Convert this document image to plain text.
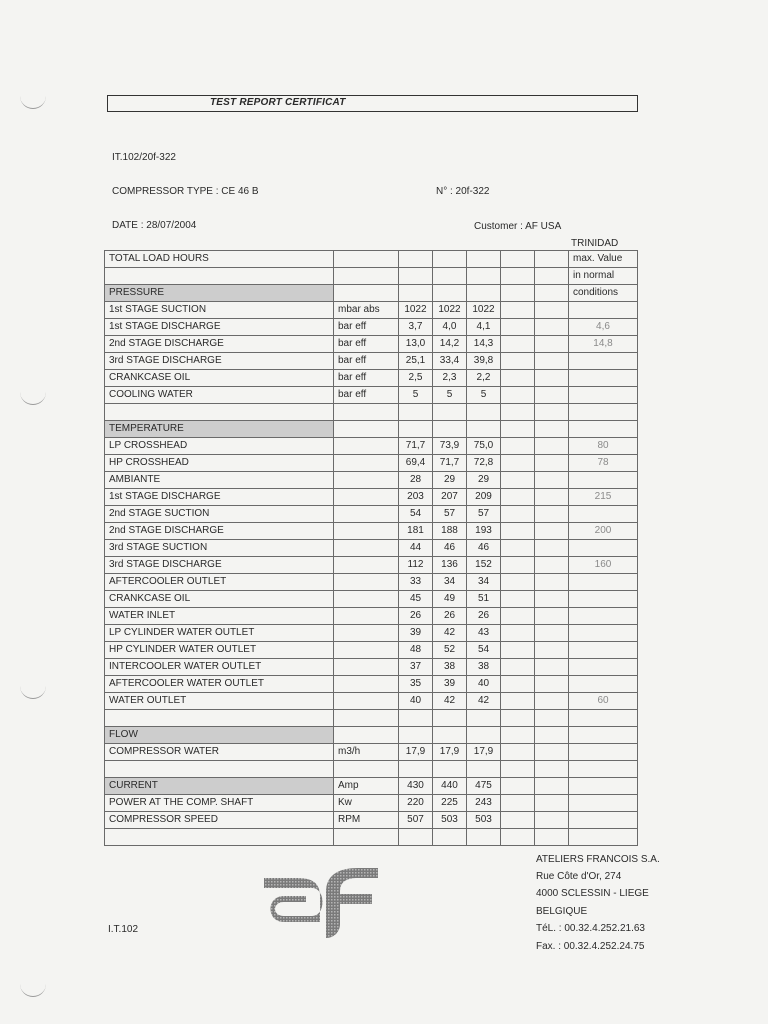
TEST REPORT CERTIFICAT
IT.102/20f-322
COMPRESSOR TYPE : CE 46 B	N° : 20f-322
DATE : 28/07/2004	Customer : AF USA
TRINIDAD
TOTAL LOAD HOURS							max. Value
							in normal
PRESSURE							conditions
1st STAGE SUCTION	mbar abs	1022	1022	1022			
1st STAGE DISCHARGE	bar eff	3,7	4,0	4,1			4,6
2nd STAGE DISCHARGE	bar eff	13,0	14,2	14,3			14,8
3rd STAGE DISCHARGE	bar eff	25,1	33,4	39,8			
CRANKCASE OIL	bar eff	2,5	2,3	2,2			
COOLING WATER	bar eff	5	5	5			

TEMPERATURE							
LP CROSSHEAD		71,7	73,9	75,0			80
HP CROSSHEAD		69,4	71,7	72,8			78
AMBIANTE		28	29	29			
1st STAGE DISCHARGE		203	207	209			215
2nd STAGE SUCTION		54	57	57			
2nd STAGE DISCHARGE		181	188	193			200
3rd STAGE SUCTION		44	46	46			
3rd STAGE DISCHARGE		112	136	152			160
AFTERCOOLER OUTLET		33	34	34			
CRANKCASE OIL		45	49	51			
WATER INLET		26	26	26			
LP CYLINDER WATER OUTLET		39	42	43			
HP CYLINDER WATER OUTLET		48	52	54			
INTERCOOLER WATER OUTLET		37	38	38			
AFTERCOOLER WATER OUTLET		35	39	40			
WATER OUTLET		40	42	42			60

FLOW							
COMPRESSOR WATER	m3/h	17,9	17,9	17,9			

CURRENT	Amp	430	440	475			
POWER AT THE COMP. SHAFT	Kw	220	225	243			
COMPRESSOR SPEED	RPM	507	503	503			

ATELIERS FRANCOIS S.A.
Rue Côte d'Or, 274
4000 SCLESSIN - LIEGE
BELGIQUE
TéL. : 00.32.4.252.21.63
Fax. : 00.32.4.252.24.75
I.T.102
AF
